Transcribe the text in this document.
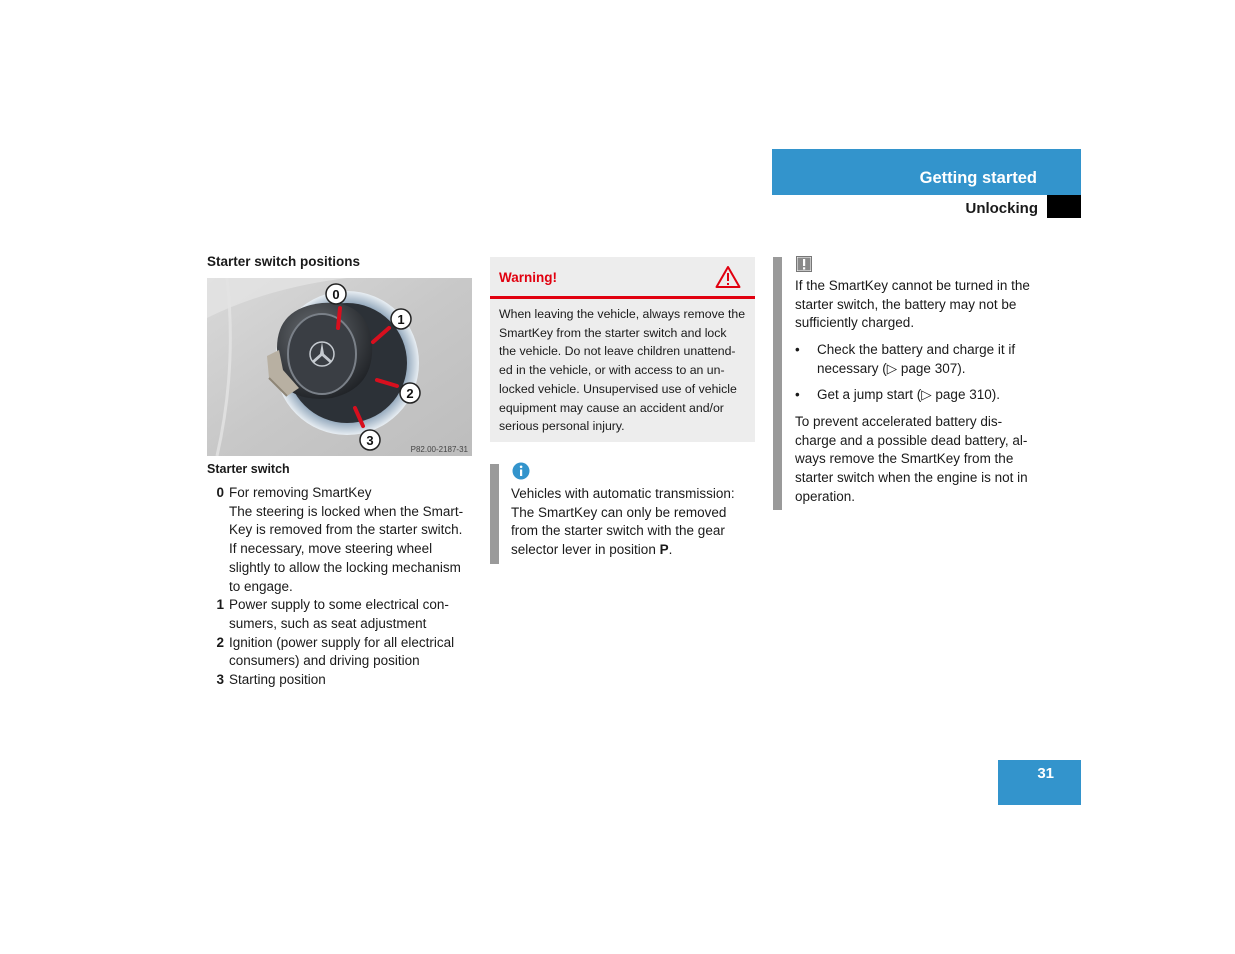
Getting started
Unlocking
Starter switch positions
0
1
2
3
P82.00-2187-31
Starter switch
0 For removing SmartKey
The steering is locked when the Smart-
Key is removed from the starter switch.
If necessary, move steering wheel
slightly to allow the locking mechanism
to engage.
1 Power supply to some electrical con-
sumers, such as seat adjustment
2 Ignition (power supply for all electrical
consumers) and driving position
3 Starting position
Warning!
When leaving the vehicle, always remove the
SmartKey from the starter switch and lock
the vehicle. Do not leave children unattend-
ed in the vehicle, or with access to an un-
locked vehicle. Unsupervised use of vehicle
equipment may cause an accident and/or
serious personal injury.
Vehicles with automatic transmission:
The SmartKey can only be removed
from the starter switch with the gear
selector lever in position P.
If the SmartKey cannot be turned in the
starter switch, the battery may not be
sufficiently charged.
•	Check the battery and charge it if
necessary (▷ page 307).
•	Get a jump start (▷ page 310).
To prevent accelerated battery dis-
charge and a possible dead battery, al-
ways remove the SmartKey from the
starter switch when the engine is not in
operation.
31
